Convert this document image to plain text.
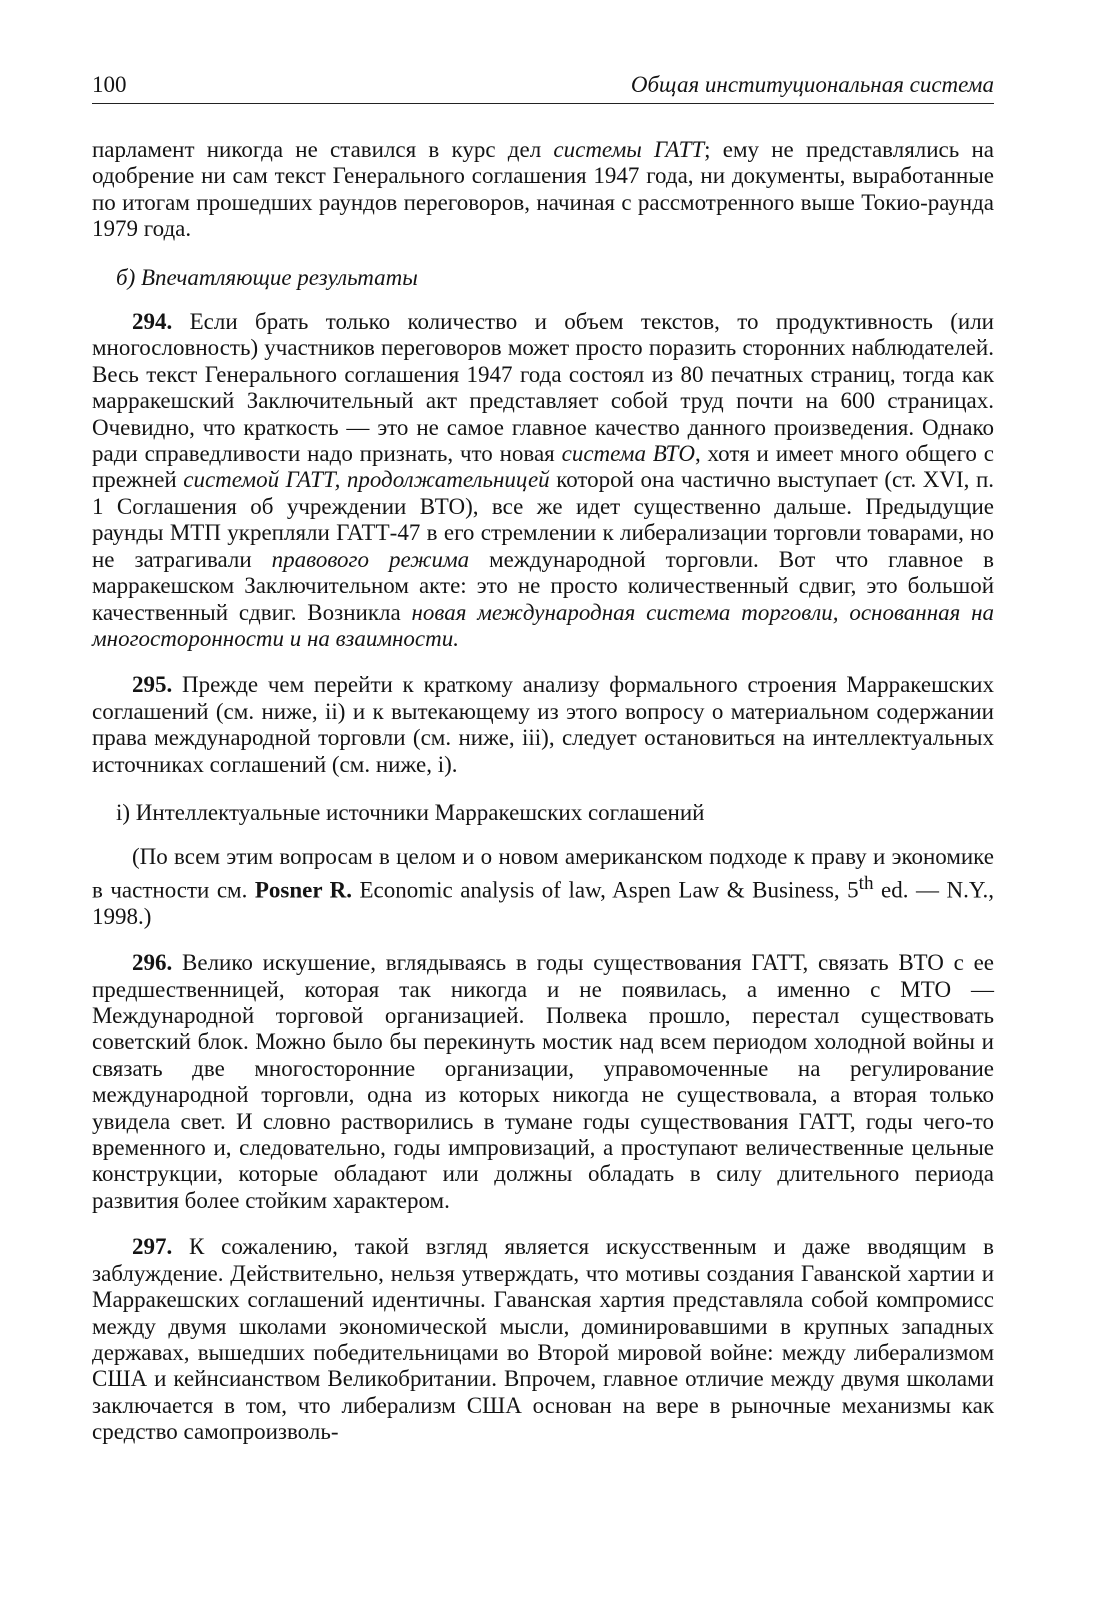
100	Общая институциональная система

парламент никогда не ставился в курс дел системы ГАТТ; ему не представлялись на одобрение ни сам текст Генерального соглашения 1947 года, ни документы, выработанные по итогам прошедших раундов переговоров, начиная с рассмотренного выше Токио-раунда 1979 года.

б) Впечатляющие результаты

294. Если брать только количество и объем текстов, то продуктивность (или многословность) участников переговоров может просто поразить сторонних наблюдателей. Весь текст Генерального соглашения 1947 года состоял из 80 печатных страниц, тогда как марракешский Заключительный акт представляет собой труд почти на 600 страницах. Очевидно, что краткость — это не самое главное качество данного произведения. Однако ради справедливости надо признать, что новая система ВТО, хотя и имеет много общего с прежней системой ГАТТ, продолжательницей которой она частично выступает (ст. XVI, п. 1 Соглашения об учреждении ВТО), все же идет существенно дальше. Предыдущие раунды МТП укрепляли ГАТТ-47 в его стремлении к либерализации торговли товарами, но не затрагивали правового режима международной торговли. Вот что главное в марракешском Заключительном акте: это не просто количественный сдвиг, это большой качественный сдвиг. Возникла новая международная система торговли, основанная на многосторонности и на взаимности.

295. Прежде чем перейти к краткому анализу формального строения Марракешских соглашений (см. ниже, ii) и к вытекающему из этого вопросу о материальном содержании права международной торговли (см. ниже, iii), следует остановиться на интеллектуальных источниках соглашений (см. ниже, i).

i) Интеллектуальные источники Марракешских соглашений

(По всем этим вопросам в целом и о новом американском подходе к праву и экономике в частности см. Posner R. Economic analysis of law, Aspen Law & Business, 5th ed. — N.Y., 1998.)

296. Велико искушение, вглядываясь в годы существования ГАТТ, связать ВТО с ее предшественницей, которая так никогда и не появилась, а именно с МТО — Международной торговой организацией. Полвека прошло, перестал существовать советский блок. Можно было бы перекинуть мостик над всем периодом холодной войны и связать две многосторонние организации, управомоченные на регулирование международной торговли, одна из которых никогда не существовала, а вторая только увидела свет. И словно растворились в тумане годы существования ГАТТ, годы чего-то временного и, следовательно, годы импровизаций, а проступают величественные цельные конструкции, которые обладают или должны обладать в силу длительного периода развития более стойким характером.

297. К сожалению, такой взгляд является искусственным и даже вводящим в заблуждение. Действительно, нельзя утверждать, что мотивы создания Гаванской хартии и Марракешских соглашений идентичны. Гаванская хартия представляла собой компромисс между двумя школами экономической мысли, доминировавшими в крупных западных державах, вышедших победительницами во Второй мировой войне: между либерализмом США и кейнсианством Великобритании. Впрочем, главное отличие между двумя школами заключается в том, что либерализм США основан на вере в рыночные механизмы как средство самопроизволь-
